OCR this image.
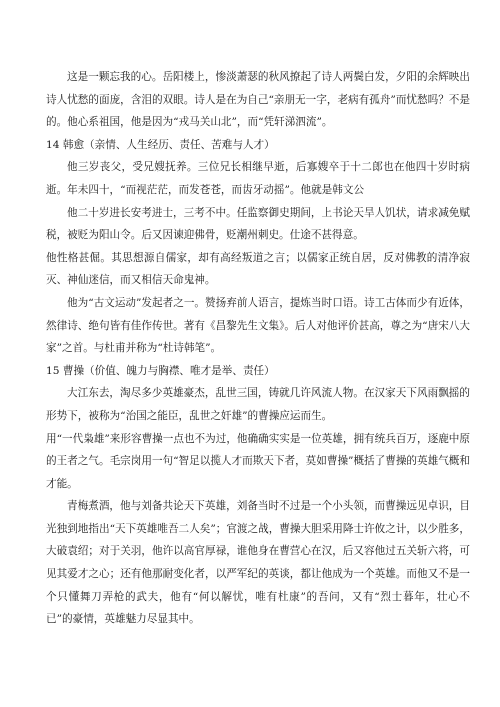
这是一颗忘我的心。岳阳楼上，惨淡萧瑟的秋风撩起了诗人两鬓白发，夕阳的余辉映出诗人忧愁的面庞，含泪的双眼。诗人是在为自己“亲朋无一字，老病有孤舟”而忧愁吗？不是的。他心系祖国，他是因为“戎马关山北”，而“凭轩涕泗流”。

14 韩愈（亲情、人生经历、责任、苦难与人才）

他三岁丧父，受兄嫂抚养。三位兄长相继早逝，后寡嫂卒于十二郎也在他四十岁时病逝。年未四十，“而视茫茫，而发苍苍，而齿牙动摇”。他就是韩文公

他二十岁进长安考进士，三考不中。任监察御史期间，上书论天旱人饥状，请求减免赋税，被贬为阳山令。后又因谏迎佛骨，贬潮州刺史。仕途不甚得意。

他性格甚倔。其思想源自儒家，却有高经叛道之言；以儒家正统自居，反对佛教的清净寂灭、神仙迷信，而又相信天命鬼神。

他为“古文运动”发起者之一。赞扬弃前人语言，提炼当时口语。诗工古体而少有近体，然律诗、绝句皆有佳作传世。著有《昌黎先生文集》。后人对他评价甚高，尊之为“唐宋八大家”之首。与杜甫并称为“杜诗韩笔”。

15 曹操（价值、魄力与胸襟、唯才是举、责任）

大江东去，淘尽多少英雄豪杰，乱世三国，铸就几许风流人物。在汉家天下风雨飘摇的形势下，被称为“治国之能臣，乱世之奸雄”的曹操应运而生。

用“一代枭雄”来形容曹操一点也不为过，他确确实实是一位英雄，拥有统兵百万，逐鹿中原的王者之气。毛宗岗用一句“智足以揽人才而欺天下者，莫如曹操”概括了曹操的英雄气概和才能。

青梅煮酒，他与刘备共论天下英雄，刘备当时不过是一个小头领，而曹操远见卓识，目光独到地指出“天下英雄唯吾二人矣”；官渡之战，曹操大胆采用降士许攸之计，以少胜多，大破袁绍；对于关羽，他许以高官厚禄，谁他身在曹营心在汉，后又容他过五关斩六将，可见其爱才之心；还有他那耐变化者，以严军纪的英谈，都让他成为一个英雄。而他又不是一个只懂舞刀弄枪的武夫，他有“何以解忧，唯有杜康”的吾问，又有“烈士暮年，壮心不已”的豪情，英雄魅力尽显其中。
